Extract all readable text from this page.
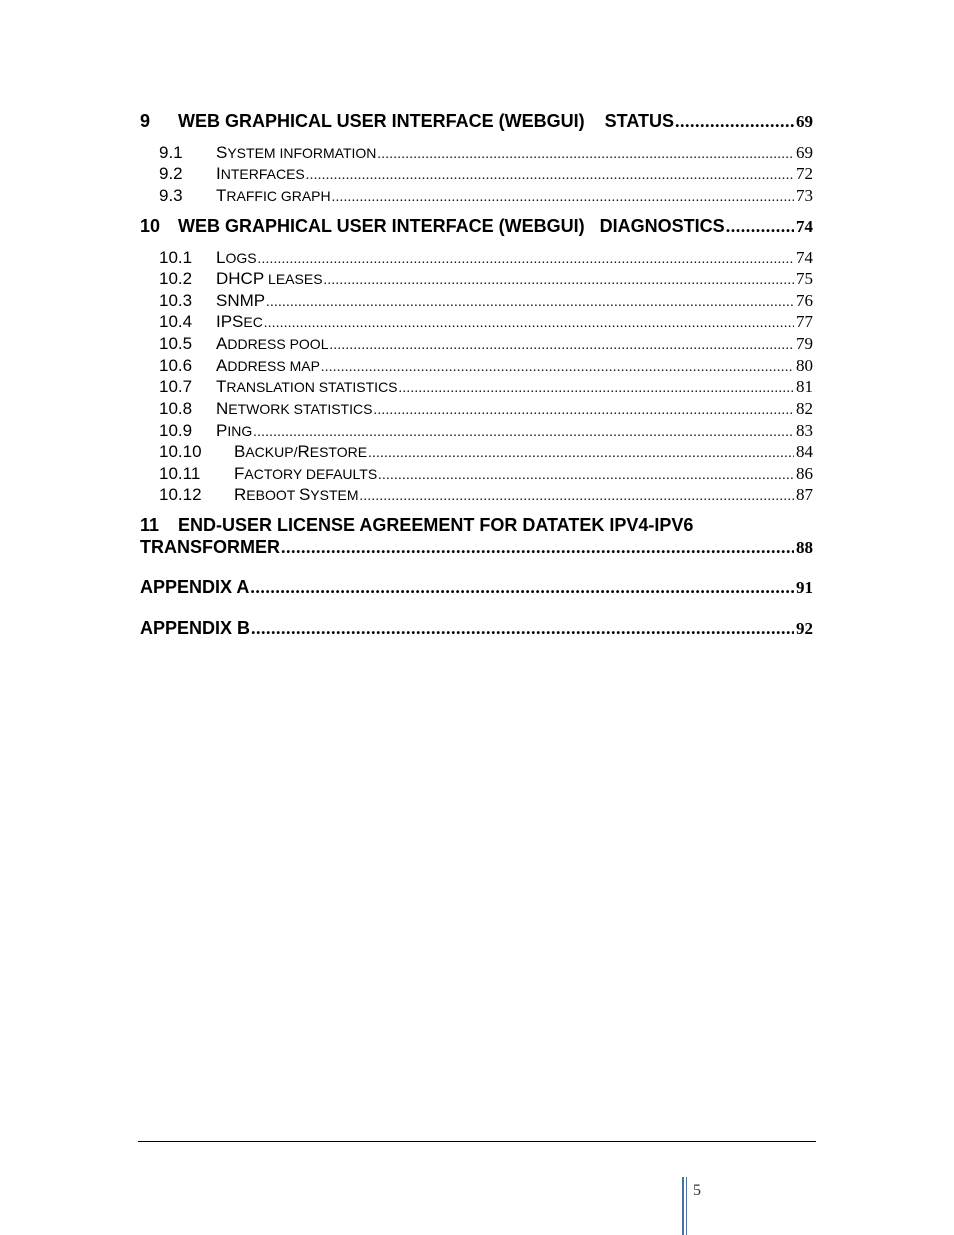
9	WEB GRAPHICAL USER INTERFACE (WEBGUI)    STATUS .....	69
9.1	SYSTEM INFORMATION .....	69
9.2	INTERFACES .....	72
9.3	TRAFFIC GRAPH .....	73
10 WEB GRAPHICAL USER INTERFACE (WEBGUI)   DIAGNOSTICS .....	74
10.1	LOGS .....	74
10.2	DHCP LEASES .....	75
10.3	SNMP .....	76
10.4	IPSEC .....	77
10.5	ADDRESS POOL .....	79
10.6	ADDRESS MAP .....	80
10.7	TRANSLATION STATISTICS .....	81
10.8	NETWORK STATISTICS .....	82
10.9	PING .....	83
10.10	BACKUP/RESTORE .....	84
10.11	FACTORY DEFAULTS .....	86
10.12	REBOOT SYSTEM .....	87
11 END-USER LICENSE AGREEMENT FOR DATATEK IPV4-IPV6
TRANSFORMER .....	88
APPENDIX A .....	91
APPENDIX B .....	92
5
